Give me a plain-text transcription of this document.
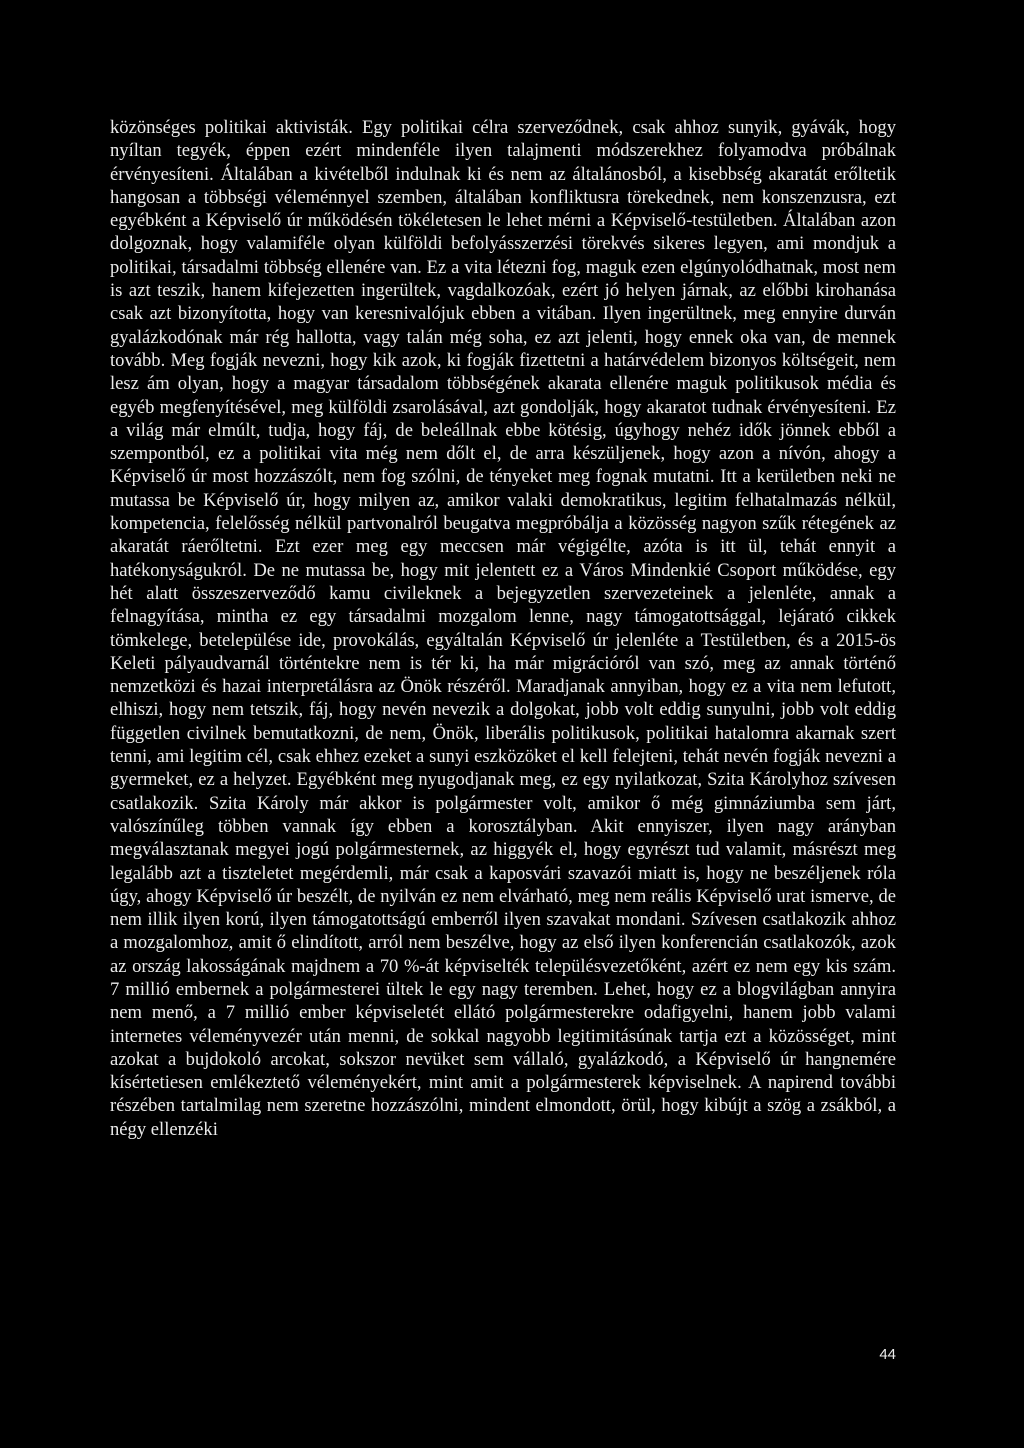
közönséges politikai aktivisták. Egy politikai célra szerveződnek, csak ahhoz sunyik, gyávák, hogy nyíltan tegyék, éppen ezért mindenféle ilyen talajmenti módszerekhez folyamodva próbálnak érvényesíteni. Általában a kivételből indulnak ki és nem az általánosból, a kisebbség akaratát erőltetik hangosan a többségi véleménnyel szemben, általában konfliktusra törekednek, nem konszenzusra, ezt egyébként a Képviselő úr működésén tökéletesen le lehet mérni a Képviselő-testületben. Általában azon dolgoznak, hogy valamiféle olyan külföldi befolyásszerzési törekvés sikeres legyen, ami mondjuk a politikai, társadalmi többség ellenére van. Ez a vita létezni fog, maguk ezen elgúnyolódhatnak, most nem is azt teszik, hanem kifejezetten ingerültek, vagdalkozóak, ezért jó helyen járnak, az előbbi kirohanása csak azt bizonyította, hogy van keresnivalójuk ebben a vitában. Ilyen ingerültnek, meg ennyire durván gyalázkodónak már rég hallotta, vagy talán még soha, ez azt jelenti, hogy ennek oka van, de mennek tovább. Meg fogják nevezni, hogy kik azok, ki fogják fizettetni a határvédelem bizonyos költségeit, nem lesz ám olyan, hogy a magyar társadalom többségének akarata ellenére maguk politikusok média és egyéb megfenyítésével, meg külföldi zsarolásával, azt gondolják, hogy akaratot tudnak érvényesíteni. Ez a világ már elmúlt, tudja, hogy fáj, de beleállnak ebbe kötésig, úgyhogy nehéz idők jönnek ebből a szempontból, ez a politikai vita még nem dőlt el, de arra készüljenek, hogy azon a nívón, ahogy a Képviselő úr most hozzászólt, nem fog szólni, de tényeket meg fognak mutatni. Itt a kerületben neki ne mutassa be Képviselő úr, hogy milyen az, amikor valaki demokratikus, legitim felhatalmazás nélkül, kompetencia, felelősség nélkül partvonalról beugatva megpróbálja a közösség nagyon szűk rétegének az akaratát ráerőltetni. Ezt ezer meg egy meccsen már végigélte, azóta is itt ül, tehát ennyit a hatékonyságukról. De ne mutassa be, hogy mit jelentett ez a Város Mindenkié Csoport működése, egy hét alatt összeszerveződő kamu civileknek a bejegyzetlen szervezeteinek a jelenléte, annak a felnagyítása, mintha ez egy társadalmi mozgalom lenne, nagy támogatottsággal, lejárató cikkek tömkelege, betelepülése ide, provokálás, egyáltalán Képviselő úr jelenléte a Testületben, és a 2015-ös Keleti pályaudvarnál történtekre nem is tér ki, ha már migrációról van szó, meg az annak történő nemzetközi és hazai interpretálásra az Önök részéről. Maradjanak annyiban, hogy ez a vita nem lefutott, elhiszi, hogy nem tetszik, fáj, hogy nevén nevezik a dolgokat, jobb volt eddig sunyulni, jobb volt eddig független civilnek bemutatkozni, de nem, Önök, liberális politikusok, politikai hatalomra akarnak szert tenni, ami legitim cél, csak ehhez ezeket a sunyi eszközöket el kell felejteni, tehát nevén fogják nevezni a gyermeket, ez a helyzet. Egyébként meg nyugodjanak meg, ez egy nyilatkozat, Szita Károlyhoz szívesen csatlakozik. Szita Károly már akkor is polgármester volt, amikor ő még gimnáziumba sem járt, valószínűleg többen vannak így ebben a korosztályban. Akit ennyiszer, ilyen nagy arányban megválasztanak megyei jogú polgármesternek, az higgyék el, hogy egyrészt tud valamit, másrészt meg legalább azt a tiszteletet megérdemli, már csak a kaposvári szavazói miatt is, hogy ne beszéljenek róla úgy, ahogy Képviselő úr beszélt, de nyilván ez nem elvárható, meg nem reális Képviselő urat ismerve, de nem illik ilyen korú, ilyen támogatottságú emberről ilyen szavakat mondani. Szívesen csatlakozik ahhoz a mozgalomhoz, amit ő elindított, arról nem beszélve, hogy az első ilyen konferencián csatlakozók, azok az ország lakosságának majdnem a 70 %-át képviselték településvezetőként, azért ez nem egy kis szám. 7 millió embernek a polgármesterei ültek le egy nagy teremben. Lehet, hogy ez a blogvilágban annyira nem menő, a 7 millió ember képviseletét ellátó polgármesterekre odafigyelni, hanem jobb valami internetes véleményvezér után menni, de sokkal nagyobb legitimitásúnak tartja ezt a közösséget, mint azokat a bujdokoló arcokat, sokszor nevüket sem vállaló, gyalázkodó, a Képviselő úr hangnemére kísértetiesen emlékeztető véleményekért, mint amit a polgármesterek képviselnek. A napirend további részében tartalmilag nem szeretne hozzászólni, mindent elmondott, örül, hogy kibújt a szög a zsákból, a négy ellenzéki

44
